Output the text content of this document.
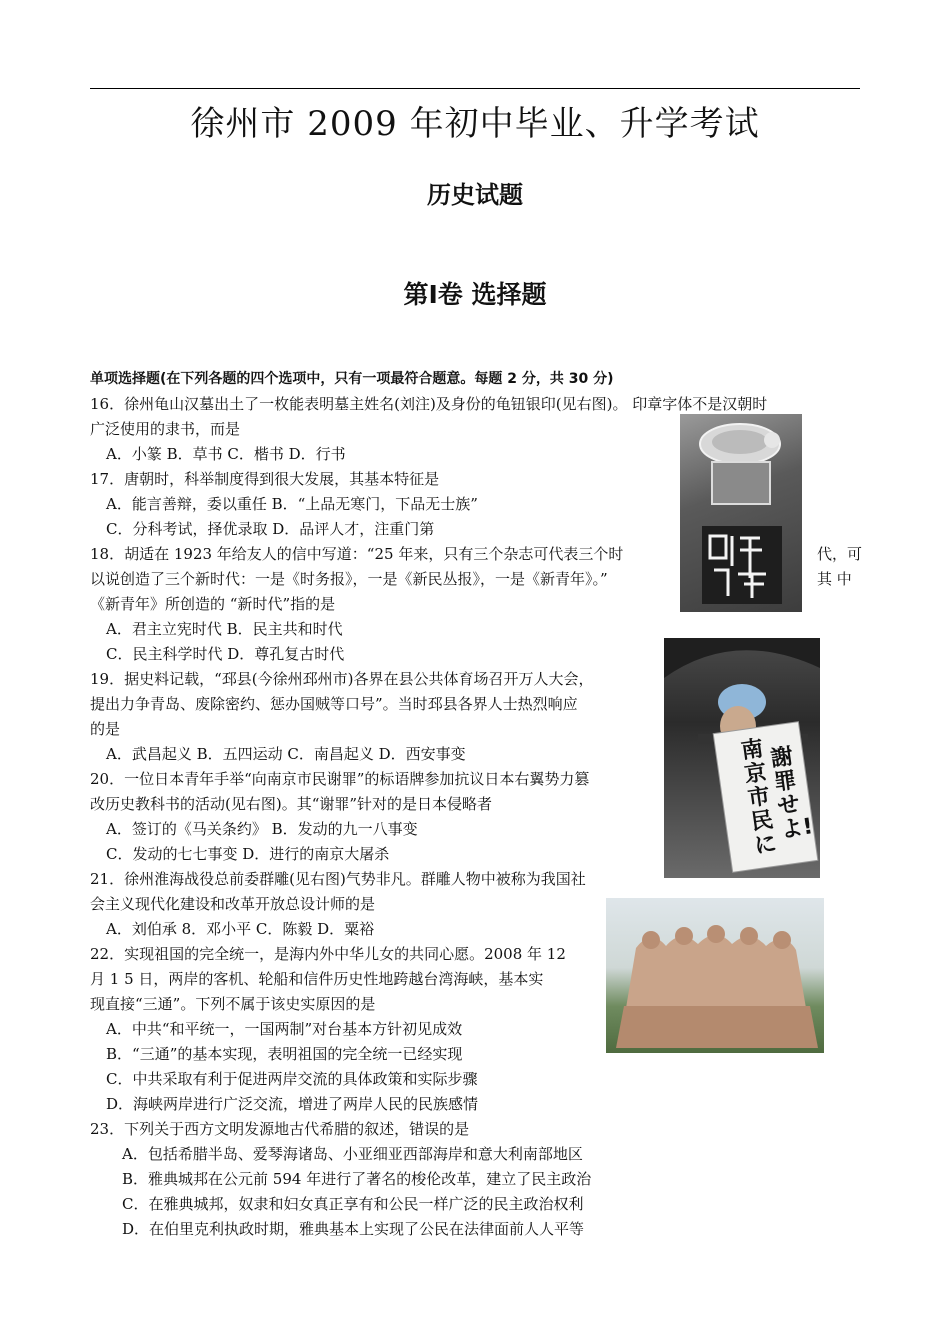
徐州市 2009 年初中毕业、升学考试
历史试题
第Ⅰ卷 选择题
单项选择题(在下列各题的四个选项中，只有一项最符合题意。每题 2 分，共 30 分)
16．徐州龟山汉墓出土了一枚能表明墓主姓名(刘注)及身份的龟钮银印(见右图)。 印章字体不是汉朝时
广泛使用的隶书，而是
A．小篆 B．草书 C．楷书 D．行书
17．唐朝时，科举制度得到很大发展，其基本特征是
A．能言善辩，委以重任 B．“上品无寒门，下品无士族”
C．分科考试，择优录取 D．品评人才，注重门第
18．胡适在 1923 年给友人的信中写道：“25 年来，只有三个杂志可代表三个时	代，可
以说创造了三个新时代：一是《时务报》，一是《新民丛报》，一是《新青年》。”	其 中
《新青年》所创造的 “新时代”指的是
A．君主立宪时代 B．民主共和时代
C．民主科学时代 D．尊孔复古时代
19．据史料记载，“邳县(今徐州邳州市)各界在县公共体育场召开万人大会，
提出力争青岛、废除密约、惩办国贼等口号”。当时邳县各界人士热烈响应
的是
A．武昌起义 B．五四运动 C．南昌起义 D．西安事变
20．一位日本青年手举“向南京市民谢罪”的标语牌参加抗议日本右翼势力篡
改历史教科书的活动(见右图)。其“谢罪”针对的是日本侵略者
A．签订的《马关条约》 B．发动的九一八事变
C．发动的七七事变 D．进行的南京大屠杀
21．徐州淮海战役总前委群雕(见右图)气势非凡。群雕人物中被称为我国社
会主义现代化建设和改革开放总设计师的是
A．刘伯承 8．邓小平 C．陈毅 D．粟裕
22．实现祖国的完全统一，是海内外中华儿女的共同心愿。2008 年 12
月 1 5 日，两岸的客机、轮船和信件历史性地跨越台湾海峡，基本实
现直接“三通”。下列不属于该史实原因的是
A．中共“和平统一，一国两制”对台基本方针初见成效
B．“三通”的基本实现，表明祖国的完全统一已经实现
C．中共采取有利于促进两岸交流的具体政策和实际步骤
D．海峡两岸进行广泛交流，增进了两岸人民的民族感情
23．下列关于西方文明发源地古代希腊的叙述，错误的是
A．包括希腊半岛、爱琴海诸岛、小亚细亚西部海岸和意大利南部地区
B．雅典城邦在公元前 594 年进行了著名的梭伦改革，建立了民主政治
C．在雅典城邦，奴隶和妇女真正享有和公民一样广泛的民主政治权利
D．在伯里克利执政时期，雅典基本上实现了公民在法律面前人人平等
南京市民に
謝罪せよ!
